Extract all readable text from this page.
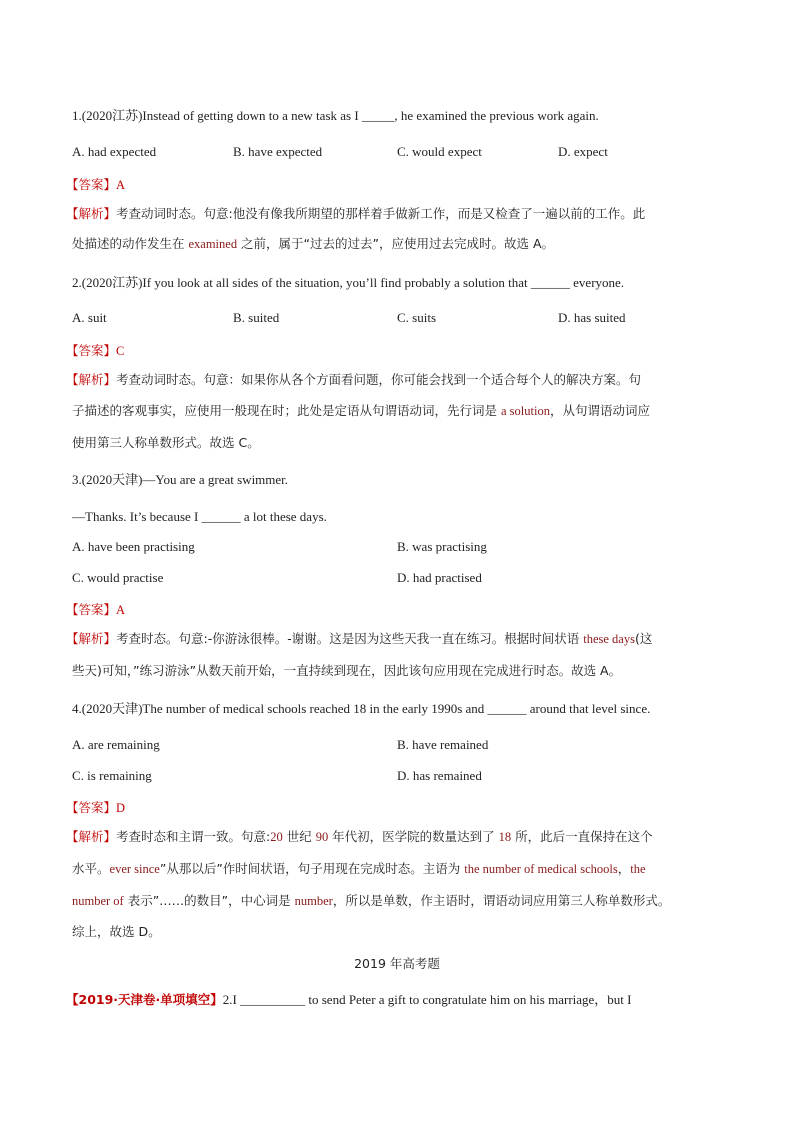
1.(2020江苏)Instead of getting down to a new task as I _____, he examined the previous work again.
A. had expected	B. have expected	C. would expect	D. expect
【答案】A
【解析】考查动词时态。句意:他没有像我所期望的那样着手做新工作，而是又检查了一遍以前的工作。此
处描述的动作发生在 examined 之前，属于“过去的过去”，应使用过去完成时。故选 A。
2.(2020江苏)If you look at all sides of the situation, you’ll find probably a solution that ______ everyone.
A. suit	B. suited	C. suits	D. has suited
【答案】C
【解析】考查动词时态。句意：如果你从各个方面看问题，你可能会找到一个适合每个人的解决方案。句
子描述的客观事实，应使用一般现在时；此处是定语从句谓语动词，先行词是 a solution，从句谓语动词应
使用第三人称单数形式。故选 C。
3.(2020天津)—You are a great swimmer.
—Thanks. It’s because I ______ a lot these days.
A. have been practising	B. was practising
C. would practise	D. had practised
【答案】A
【解析】考查时态。句意:-你游泳很棒。-谢谢。这是因为这些天我一直在练习。根据时间状语 these days(这
些天)可知，”练习游泳”从数天前开始，一直持续到现在，因此该句应用现在完成进行时态。故选 A。
4.(2020天津)The number of medical schools reached 18 in the early 1990s and ______ around that level since.
A. are remaining	B. have remained
C. is remaining	D. has remained
【答案】D
【解析】考查时态和主谓一致。句意:20 世纪 90 年代初，医学院的数量达到了 18 所，此后一直保持在这个
水平。ever since”从那以后”作时间状语，句子用现在完成时态。主语为 the number of medical schools，the
number of 表示”……的数目”，中心词是 number，所以是单数，作主语时，谓语动词应用第三人称单数形式。
综上，故选 D。
2019 年高考题
【2019·天津卷·单项填空】2.I __________ to send Peter a gift to congratulate him on his marriage，but I
